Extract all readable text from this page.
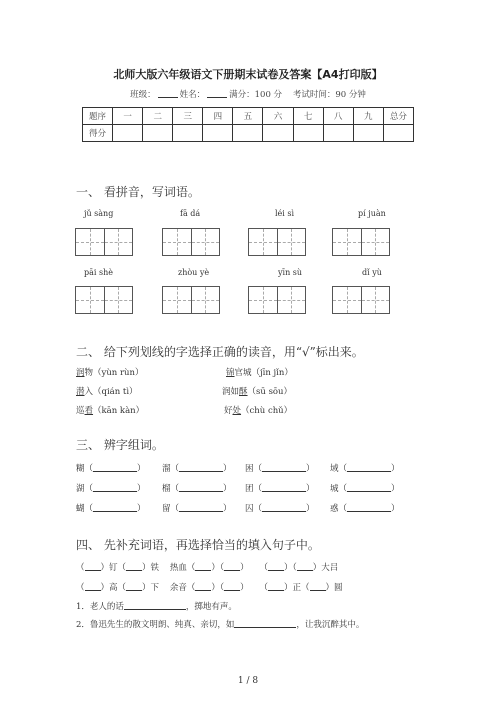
北师大版六年级语文下册期末试卷及答案【A4打印版】
班级：	姓名：	满分：100 分 考试时间：90 分钟
题序	一	二	三	四	五	六	七	八	九	总分
得分										
一、 看拼音，写词语。
jǔ sàng	fā dá	léi sì	pí juàn
pāi shè	zhòu yè	yīn sù	dǐ yù
二、 给下列划线的字选择正确的读音，用“√”标出来。
润物（yùn rùn）	锦官城（jīn jǐn）
潜入（qián tì）	润如酥（sū sōu）
巡看（kān kàn）	好处（chù chǔ）
三、 辨字组词。
糊（	） 溜（	） 困（	） 域（	）
湖（	） 榴（	） 团（	） 城（	）
蝴（	） 留（	） 囚（	） 惑（	）
四、 先补充词语，再选择恰当的填入句子中。
（ ）钉（ ）铁 热血（ ）（ ） （ ）（ ）大吕
（ ）高（ ）下 余音（ ）（ ） （ ）正（ ）圆
1．老人的话	，掷地有声。
2．鲁迅先生的散文明朗、纯真、亲切，如	，让我沉醉其中。
1 / 8
